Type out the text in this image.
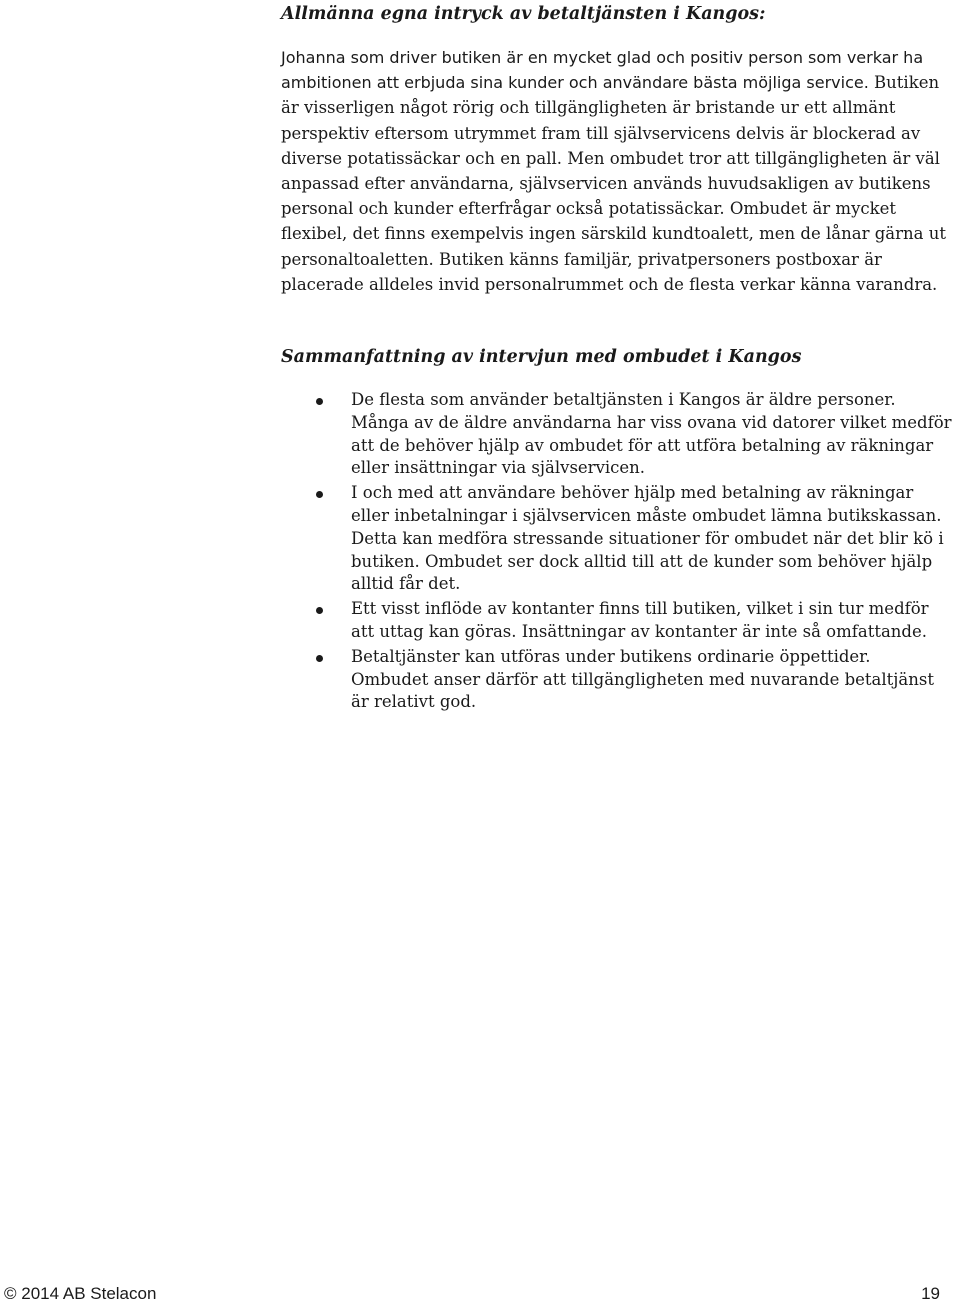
Allmänna egna intryck av betaltjänsten i Kangos:

Johanna som driver butiken är en mycket glad och positiv person som verkar ha ambitionen att erbjuda sina kunder och användare bästa möjliga service. Butiken är visserligen något rörig och tillgängligheten är bristande ur ett allmänt perspektiv eftersom utrymmet fram till självservicens delvis är blockerad av diverse potatissäckar och en pall. Men ombudet tror att tillgängligheten är väl anpassad efter användarna, självservicen används huvudsakligen av butikens personal och kunder efterfrågar också potatissäckar. Ombudet är mycket flexibel, det finns exempelvis ingen särskild kundtoalett, men de lånar gärna ut personaltoaletten. Butiken känns familjär, privatpersoners postboxar är placerade alldeles invid personalrummet och de flesta verkar känna varandra.

Sammanfattning av intervjun med ombudet i Kangos
De flesta som använder betaltjänsten i Kangos är äldre personer. Många av de äldre användarna har viss ovana vid datorer vilket medför att de behöver hjälp av ombudet för att utföra betalning av räkningar eller insättningar via självservicen.
I och med att användare behöver hjälp med betalning av räkningar eller inbetalningar i självservicen måste ombudet lämna butikskassan. Detta kan medföra stressande situationer för ombudet när det blir kö i butiken. Ombudet ser dock alltid till att de kunder som behöver hjälp alltid får det.
Ett visst inflöde av kontanter finns till butiken, vilket i sin tur medför att uttag kan göras. Insättningar av kontanter är inte så omfattande.
Betaltjänster kan utföras under butikens ordinarie öppettider. Ombudet anser därför att tillgängligheten med nuvarande betaltjänst är relativt god.
© 2014 AB Stelacon	19
